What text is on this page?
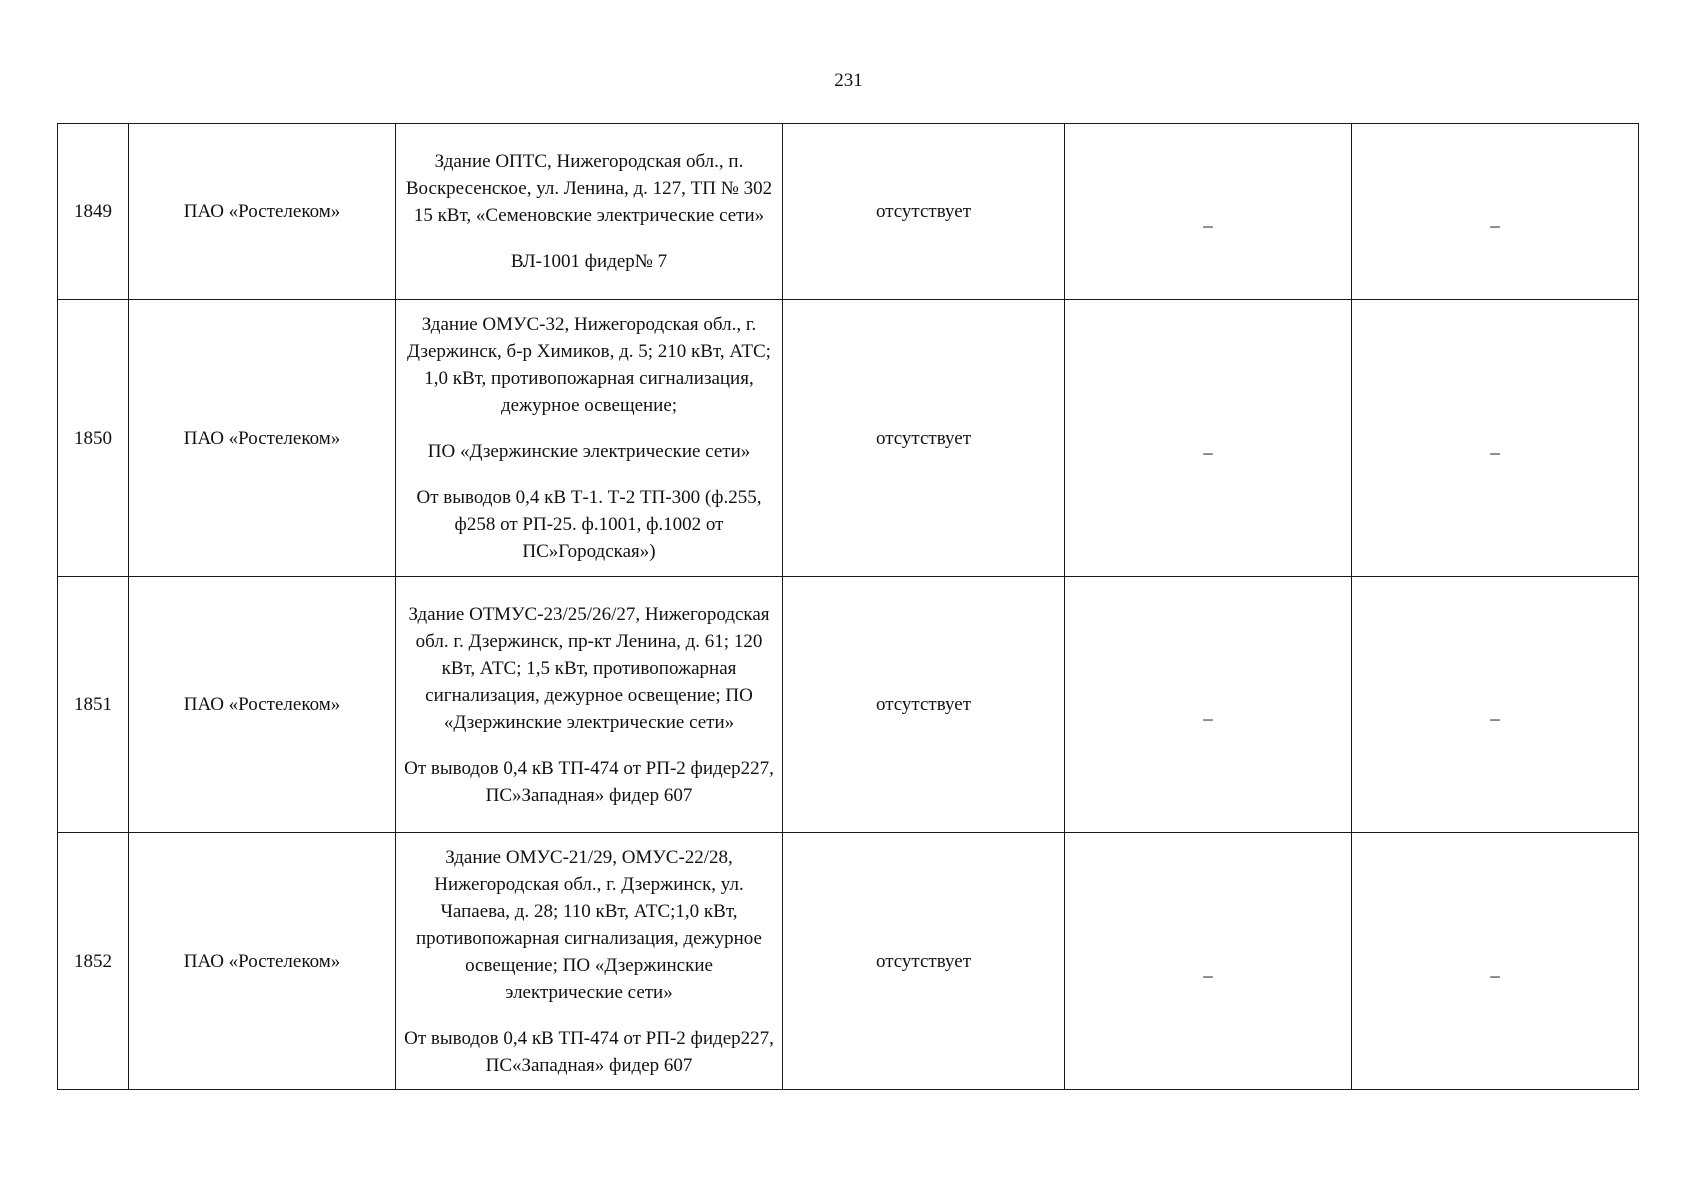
231
1849	ПАО «Ростелеком»	Здание ОПТС, Нижегородская обл., п. Воскресенское, ул. Ленина, д. 127, ТП № 302 15 кВт, «Семеновские электрические сети»

ВЛ-1001 фидер№ 7	отсутствует	_	_
1850	ПАО «Ростелеком»	Здание ОМУС-32, Нижегородская обл., г. Дзержинск, б-р Химиков, д. 5; 210 кВт, АТС; 1,0 кВт, противопожарная сигнализация, дежурное освещение;

ПО «Дзержинские электрические сети»

От выводов 0,4 кВ Т-1. Т-2 ТП-300 (ф.255, ф258 от РП-25. ф.1001, ф.1002 от ПС»Городская»)	отсутствует	_	_
1851	ПАО «Ростелеком»	Здание ОТМУС-23/25/26/27, Нижегородская обл. г. Дзержинск, пр-кт Ленина, д. 61; 120 кВт, АТС; 1,5 кВт, противопожарная сигнализация, дежурное освещение; ПО «Дзержинские электрические сети»

От выводов 0,4 кВ ТП-474 от РП-2 фидер227, ПС»Западная» фидер 607	отсутствует	_	_
1852	ПАО «Ростелеком»	Здание ОМУС-21/29, ОМУС-22/28, Нижегородская обл., г. Дзержинск, ул. Чапаева, д. 28; 110 кВт, АТС;1,0 кВт, противопожарная сигнализация, дежурное освещение; ПО «Дзержинские электрические сети»

От выводов 0,4 кВ ТП-474 от РП-2 фидер227, ПС«Западная» фидер 607	отсутствует	_	_
